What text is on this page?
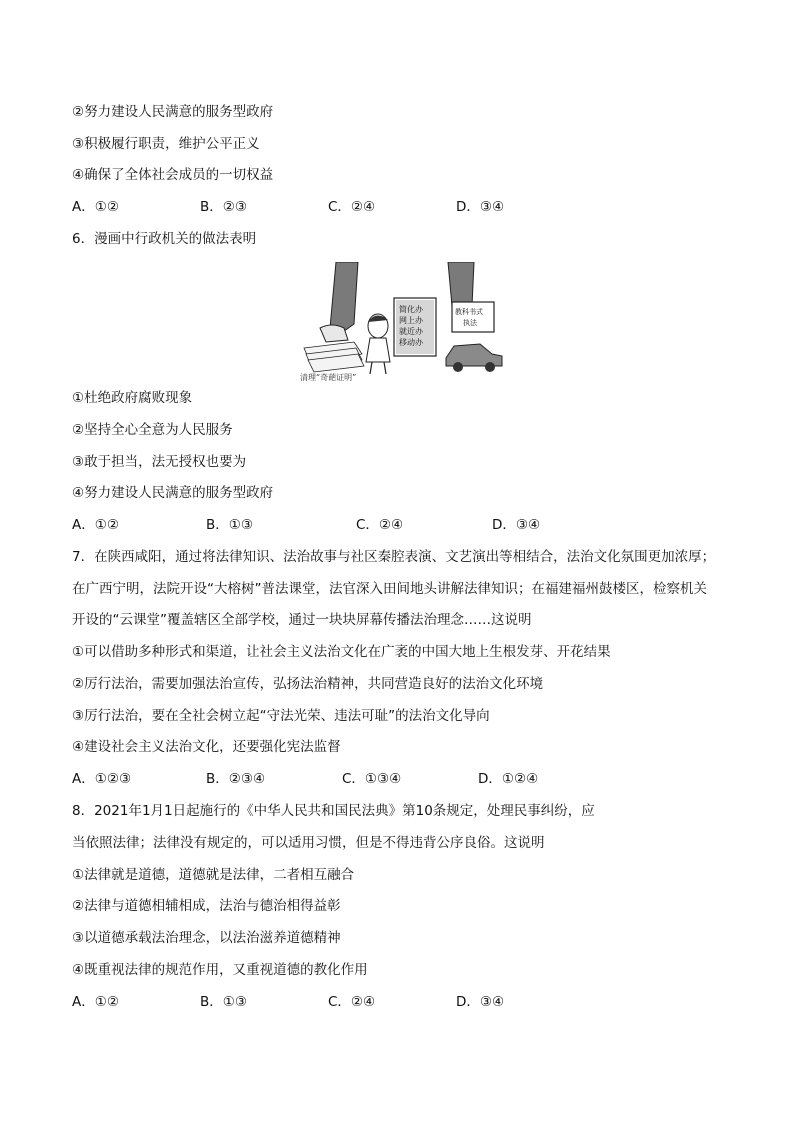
②努力建设人民满意的服务型政府
③积极履行职责，维护公平正义
④确保了全体社会成员的一切权益
A．①②	B．②③	C．②④	D．③④
6．漫画中行政机关的做法表明
简化办
网上办
就近办
移动办
教科书式
执法
清理“奇葩证明”
①杜绝政府腐败现象
②坚持全心全意为人民服务
③敢于担当，法无授权也要为
④努力建设人民满意的服务型政府
A．①②	B．①③	C．②④	D．③④
7．在陕西咸阳，通过将法律知识、法治故事与社区秦腔表演、文艺演出等相结合，法治文化氛围更加浓厚；
在广西宁明，法院开设“大榕树”普法课堂，法官深入田间地头讲解法律知识；在福建福州鼓楼区，检察机关
开设的“云课堂”覆盖辖区全部学校，通过一块块屏幕传播法治理念……这说明
①可以借助多种形式和渠道，让社会主义法治文化在广袤的中国大地上生根发芽、开花结果
②厉行法治，需要加强法治宣传，弘扬法治精神，共同营造良好的法治文化环境
③厉行法治，要在全社会树立起“守法光荣、违法可耻”的法治文化导向
④建设社会主义法治文化，还要强化宪法监督
A．①②③	B．②③④	C．①③④	D．①②④
8．2021年1月1日起施行的《中华人民共和国民法典》第10条规定，处理民事纠纷，应
当依照法律；法律没有规定的，可以适用习惯，但是不得违背公序良俗。这说明
①法律就是道德，道德就是法律，二者相互融合
②法律与道德相辅相成，法治与德治相得益彰
③以道德承载法治理念，以法治滋养道德精神
④既重视法律的规范作用，又重视道德的教化作用
A．①②	B．①③	C．②④	D．③④
